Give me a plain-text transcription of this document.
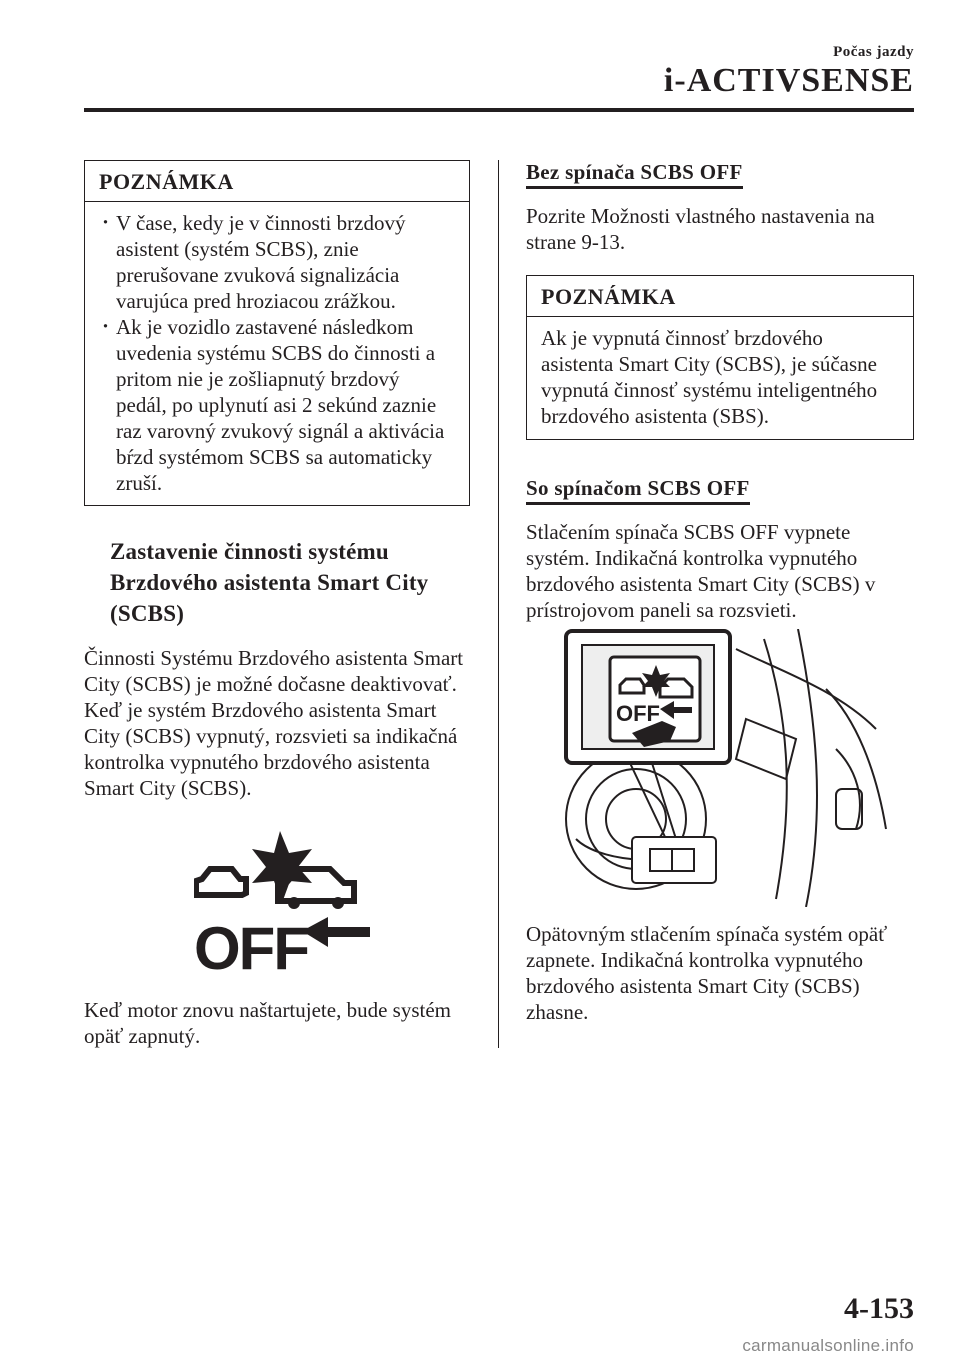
Počas jazdy
i-ACTIVSENSE
POZNÁMKA
· V čase, kedy je v činnosti brzdový asistent (systém SCBS), znie prerušovane zvuková signalizácia varujúca pred hroziacou zrážkou.
· Ak je vozidlo zastavené následkom uvedenia systému SCBS do činnosti a pritom nie je zošliapnutý brzdový pedál, po uplynutí asi 2 sekúnd zaznie raz varovný zvukový signál a aktivácia bŕzd systémom SCBS sa automaticky zruší.

Zastavenie činnosti systému Brzdového asistenta Smart City (SCBS)

Činnosti Systému Brzdového asistenta Smart City (SCBS) je možné dočasne deaktivovať.

Keď je systém Brzdového asistenta Smart City (SCBS) vypnutý, rozsvieti sa indikačná kontrolka vypnutého brzdového asistenta Smart City (SCBS).

OFF

Keď motor znovu naštartujete, bude systém opäť zapnutý.

Bez spínača SCBS OFF

Pozrite Možnosti vlastného nastavenia na strane 9-13.

POZNÁMKA
Ak je vypnutá činnosť brzdového asistenta Smart City (SCBS), je súčasne vypnutá činnosť systému inteligentného brzdového asistenta (SBS).
So spínačom SCBS OFF

Stlačením spínača SCBS OFF vypnete systém. Indikačná kontrolka vypnutého brzdového asistenta Smart City (SCBS) v prístrojovom paneli sa rozsvieti.

OFF

Opätovným stlačením spínača systém opäť zapnete. Indikačná kontrolka vypnutého brzdového asistenta Smart City (SCBS) zhasne.

4-153
carmanualsonline.info
